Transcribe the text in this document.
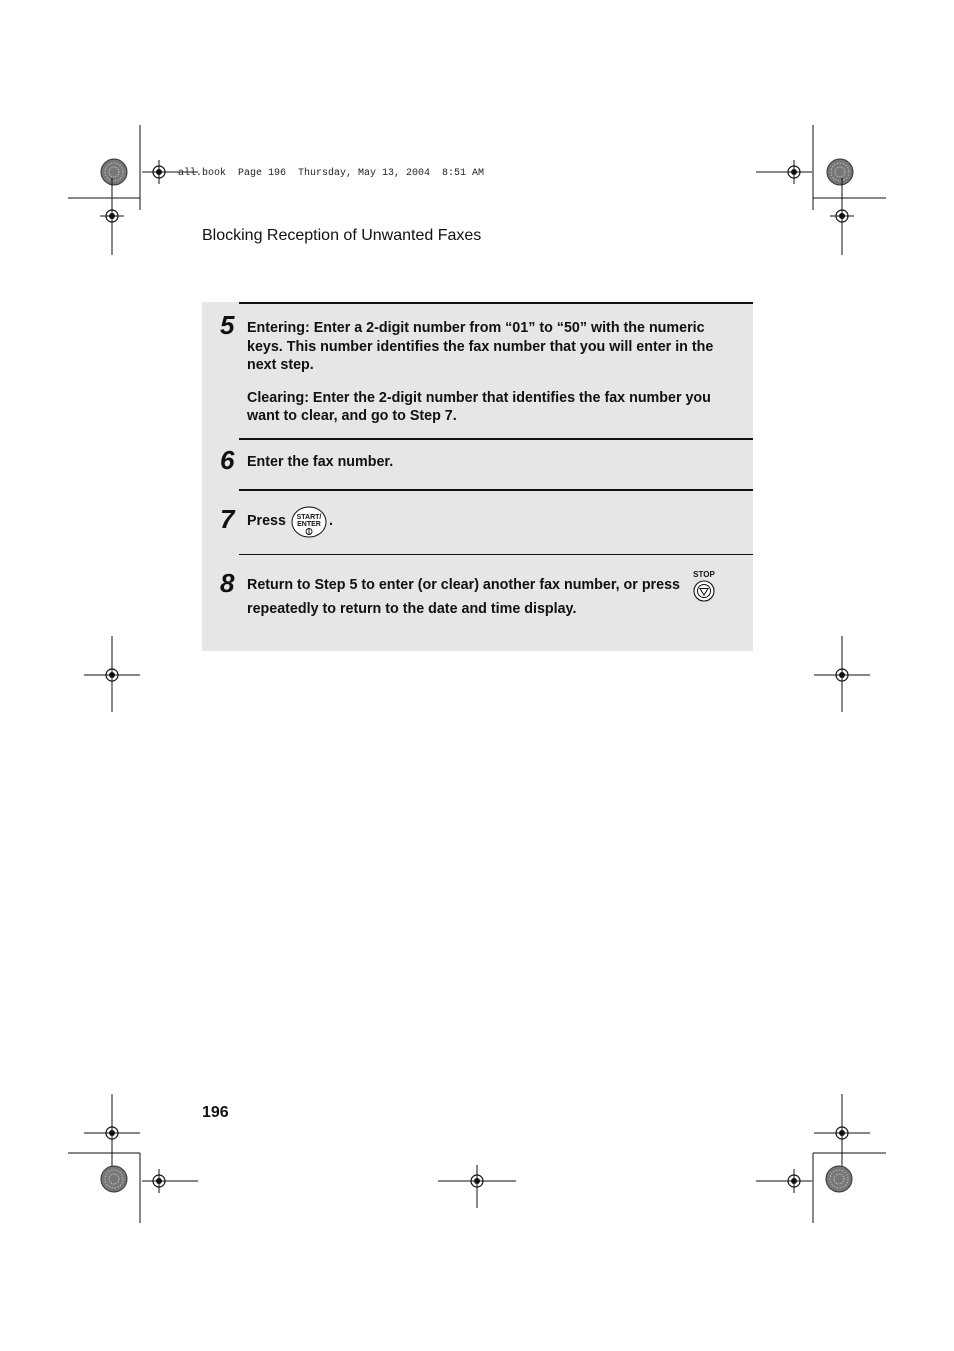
all.book  Page 196  Thursday, May 13, 2004  8:51 AM
Blocking Reception of Unwanted Faxes
5 Entering: Enter a 2-digit number from “01” to “50” with the numeric keys. This number identifies the fax number that you will enter in the next step.
Clearing: Enter the 2-digit number that identifies the fax number you want to clear, and go to Step 7.
6 Enter the fax number.
7 Press START/
ENTER .
8 Return to Step 5 to enter (or clear) another fax number, or press
repeatedly to return to the date and time display.
STOP
196
